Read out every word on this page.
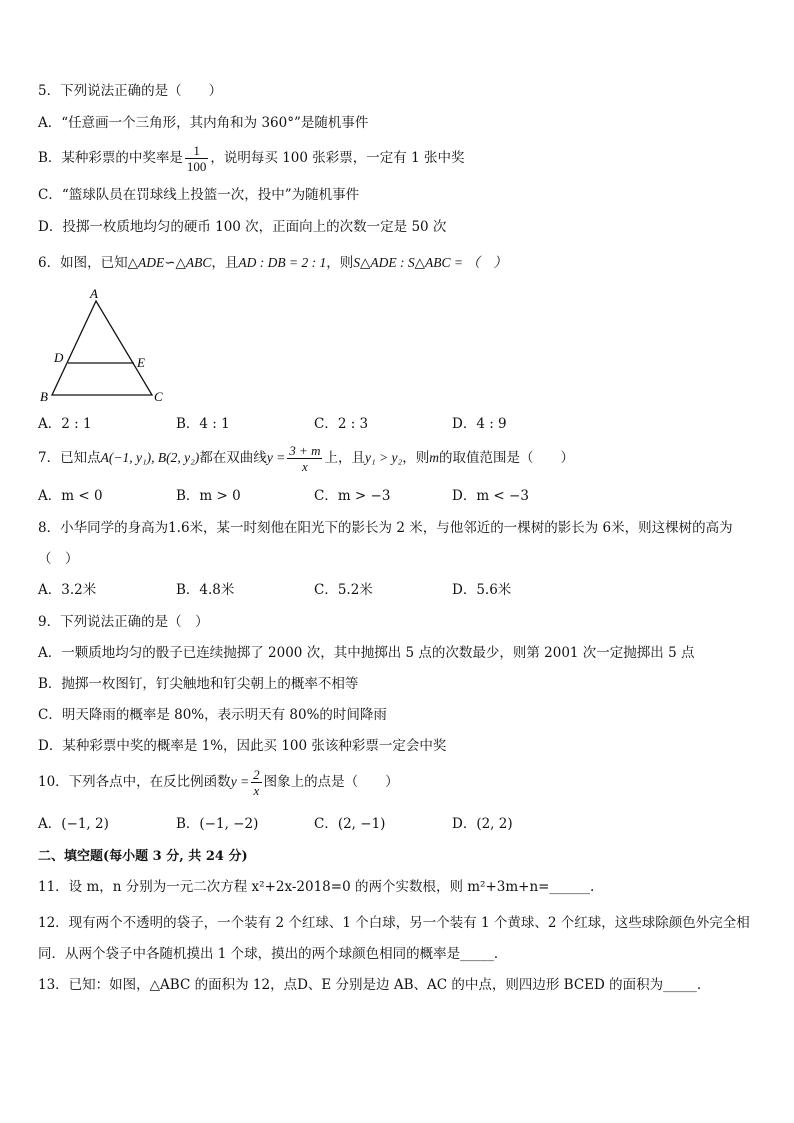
5．下列说法正确的是（　　）
A．“任意画一个三角形，其内角和为 360°”是随机事件
B．某种彩票的中奖率是 $\frac{1}{100}$ ，说明每买 100 张彩票，一定有 1 张中奖
C．“篮球队员在罚球线上投篮一次，投中”为随机事件
D．投掷一枚质地均匀的硬币 100 次，正面向上的次数一定是 50 次
6．如图，已知△ADE∽△ABC，且AD : DB = 2 : 1，则S△ADE : S△ABC = （　）
A
D	E
B	C
A．2 : 1	B．4 : 1	C．2 : 3	D．4 : 9
7．已知点A(−1, y₁), B(2, y₂)都在双曲线$y = \frac{3 + m}{x}$ 上，且y₁ > y₂，则m的取值范围是（　　）
A．m < 0	B．m > 0	C．m > −3	D．m < −3
8．小华同学的身高为1.6米，某一时刻他在阳光下的影长为 2 米，与他邻近的一棵树的影长为 6米，则这棵树的高为
（　）
A．3.2米	B．4.8米	C．5.2米	D．5.6米
9．下列说法正确的是（　）
A．一颗质地均匀的骰子已连续抛掷了 2000 次，其中抛掷出 5 点的次数最少，则第 2001 次一定抛掷出 5 点
B．抛掷一枚图钉，钉尖触地和钉尖朝上的概率不相等
C．明天降雨的概率是 80%，表示明天有 80%的时间降雨
D．某种彩票中奖的概率是 1%，因此买 100 张该种彩票一定会中奖
10．下列各点中，在反比例函数$y = \frac{2}{x}$ 图象上的点是（　　）
A．(−1, 2)	B．(−1, −2)	C．(2, −1)	D．(2, 2)
二、填空题(每小题 3 分, 共 24 分)
11．设 m，n 分别为一元二次方程 x²+2x-2018=0 的两个实数根，则 m²+3m+n=______.
12．现有两个不透明的袋子，一个装有 2 个红球、1 个白球，另一个装有 1 个黄球、2 个红球，这些球除颜色外完全相
同．从两个袋子中各随机摸出 1 个球，摸出的两个球颜色相同的概率是_____．
13．已知：如图，△ABC 的面积为 12，点D、E 分别是边 AB、AC 的中点，则四边形 BCED 的面积为_____.
